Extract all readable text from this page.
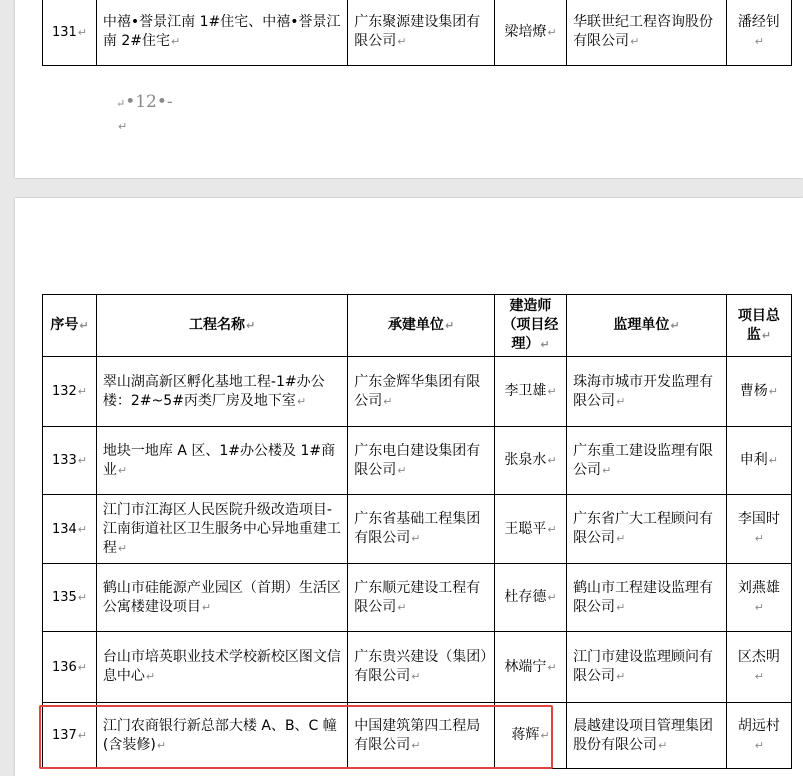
131↵	中禧•誉景江南 1#住宅、中禧•誉景江南 2#住宅↵	广东聚源建设集团有限公司↵	梁培燎↵	华联世纪工程咨询股份有限公司↵	潘经钊↵
↵•12•-
↵
序号↵	工程名称↵	承建单位↵	建造师（项目经理）↵	监理单位↵	项目总监↵
132↵	翠山湖高新区孵化基地工程-1#办公楼：2#~5#丙类厂房及地下室↵	广东金辉华集团有限公司↵	李卫雄↵	珠海市城市开发监理有限公司↵	曹杨↵
133↵	地块一地库 A 区、1#办公楼及 1#商业↵	广东电白建设集团有限公司↵	张泉水↵	广东重工建设监理有限公司↵	申利↵
134↵	江门市江海区人民医院升级改造项目-江南街道社区卫生服务中心异地重建工程↵	广东省基础工程集团有限公司↵	王聪平↵	广东省广大工程顾问有限公司↵	李国时↵
135↵	鹤山市硅能源产业园区（首期）生活区公寓楼建设项目↵	广东顺元建设工程有限公司↵	杜存德↵	鹤山市工程建设监理有限公司↵	刘燕雄↵
136↵	台山市培英职业技术学校新校区图文信息中心↵	广东贵兴建设（集团）有限公司↵	林端宁↵	江门市建设监理顾问有限公司↵	区杰明↵
137↵	江门农商银行新总部大楼 A、B、C 幢(含装修)↵	中国建筑第四工程局有限公司↵	蒋辉↵	晨越建设项目管理集团股份有限公司↵	胡远村↵
